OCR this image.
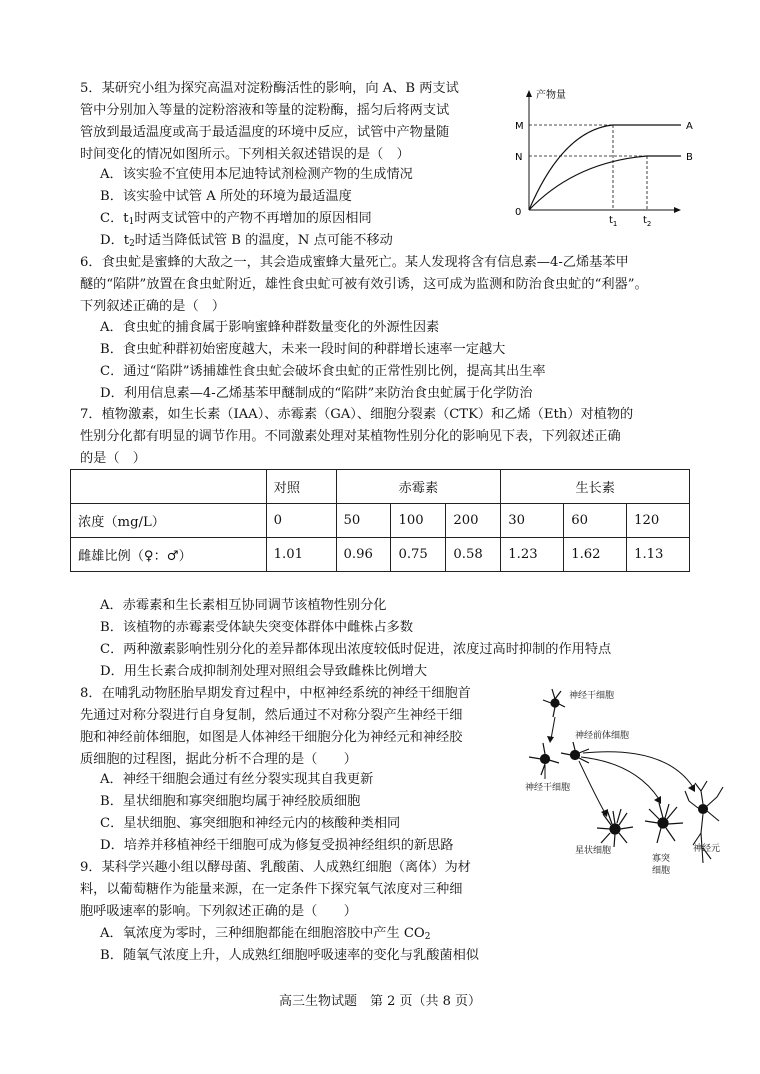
5．某研究小组为探究高温对淀粉酶活性的影响，向 A、B 两支试
管中分别加入等量的淀粉溶液和等量的淀粉酶，摇匀后将两支试
管放到最适温度或高于最适温度的环境中反应，试管中产物量随
时间变化的情况如图所示。下列相关叙述错误的是（　）
A．该实验不宜使用本尼迪特试剂检测产物的生成情况
B．该实验中试管 A 所处的环境为最适温度
C．$t_1$时两支试管中的产物不再增加的原因相同
D．$t_2$时适当降低试管 B 的温度，N 点可能不移动
产物量
M
N
0
A
B
$t_1$	$t_2$
6．食虫虻是蜜蜂的大敌之一，其会造成蜜蜂大量死亡。某人发现将含有信息素—4-乙烯基苯甲
醚的“陷阱”放置在食虫虻附近，雄性食虫虻可被有效引诱，这可成为监测和防治食虫虻的“利器”。
下列叙述正确的是（　）
A．食虫虻的捕食属于影响蜜蜂种群数量变化的外源性因素
B．食虫虻种群初始密度越大，未来一段时间的种群增长速率一定越大
C．通过“陷阱”诱捕雄性食虫虻会破坏食虫虻的正常性别比例，提高其出生率
D．利用信息素—4-乙烯基苯甲醚制成的“陷阱”来防治食虫虻属于化学防治
7．植物激素，如生长素（IAA）、赤霉素（GA）、细胞分裂素（CTK）和乙烯（Eth）对植物的
性别分化都有明显的调节作用。不同激素处理对某植物性别分化的影响见下表，下列叙述正确
的是（　）
	对照	赤霉素			生长素		
浓度（mg/L）	0	50	100	200	30	60	120
雌雄比例（♀：♂）	1.01	0.96	0.75	0.58	1.23	1.62	1.13
A．赤霉素和生长素相互协同调节该植物性别分化
B．该植物的赤霉素受体缺失突变体群体中雌株占多数
C．两种激素影响性别分化的差异都体现出浓度较低时促进，浓度过高时抑制的作用特点
D．用生长素合成抑制剂处理对照组会导致雌株比例增大
8．在哺乳动物胚胎早期发育过程中，中枢神经系统的神经干细胞首
先通过对称分裂进行自身复制，然后通过不对称分裂产生神经干细
胞和神经前体细胞，如图是人体神经干细胞分化为神经元和神经胶
质细胞的过程图，据此分析不合理的是（　　）
A．神经干细胞会通过有丝分裂实现其自我更新
B．星状细胞和寡突细胞均属于神经胶质细胞
C．星状细胞、寡突细胞和神经元内的核酸种类相同
D．培养并移植神经干细胞可成为修复受损神经组织的新思路
神经干细胞
神经前体细胞
神经干细胞
星状细胞
寡突
细胞
神经元
9．某科学兴趣小组以酵母菌、乳酸菌、人成熟红细胞（离体）为材
料，以葡萄糖作为能量来源，在一定条件下探究氧气浓度对三种细
胞呼吸速率的影响。下列叙述正确的是（　　）
A．氧浓度为零时，三种细胞都能在细胞溶胶中产生 $CO_2$
B．随氧气浓度上升，人成熟红细胞呼吸速率的变化与乳酸菌相似
高三生物试题　第 2 页（共 8 页）
